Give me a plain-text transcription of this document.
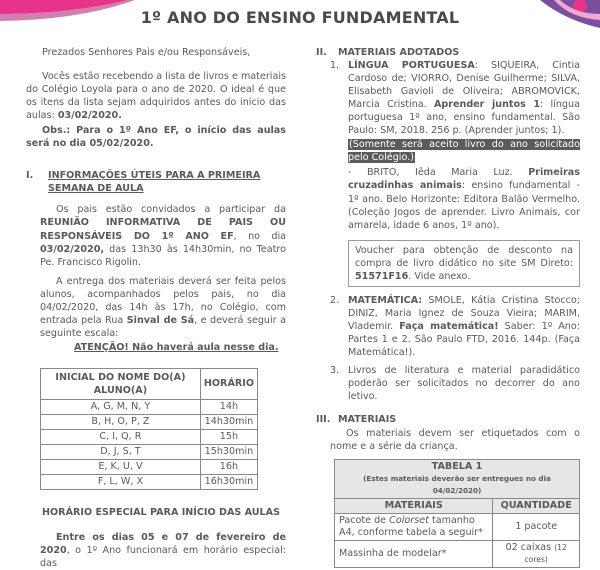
1º ANO DO ENSINO FUNDAMENTAL

Prezados Senhores Pais e/ou Responsáveis,

Vocês estão recebendo a lista de livros e materiais do Colégio Loyola para o ano de 2020. O ideal é que os itens da lista sejam adquiridos antes do início das aulas: 03/02/2020.

Obs.: Para o 1º Ano EF, o início das aulas será no dia 05/02/2020.

I.	INFORMAÇÕES ÚTEIS PARA A PRIMEIRA SEMANA DE AULA

Os pais estão convidados a participar da REUNIÃO INFORMATIVA DE PAIS OU RESPONSÁVEIS DO 1º ANO EF, no dia 03/02/2020, das 13h30 às 14h30min, no Teatro Pe. Francisco Rigolin.

A entrega dos materiais deverá ser feita pelos alunos, acompanhados pelos pais, no dia 04/02/2020, das 14h às 17h, no Colégio, com entrada pela Rua Sinval de Sá, e deverá seguir a seguinte escala:

ATENÇÃO! Não haverá aula nesse dia.

INICIAL DO NOME DO(A) ALUNO(A)	HORÁRIO
A, G, M, N, Y	14h
B, H, O, P, Z	14h30min
C, I, Q, R	15h
D, J, S, T	15h30min
E, K, U, V	16h
F, L, W, X	16h30min

HORÁRIO ESPECIAL PARA INÍCIO DAS AULAS

Entre os dias 05 e 07 de fevereiro de 2020, o 1º Ano funcionará em horário especial: das

II.	MATERIAIS ADOTADOS
1. LÍNGUA PORTUGUESA: SIQUEIRA, Cintia Cardoso de; VIORRO, Denise Guilherme; SILVA, Elisabeth Gavioli de Oliveira; ABROMOVICK, Marcia Cristina. Aprender juntos 1: língua portuguesa 1º ano, ensino fundamental. São Paulo: SM, 2018. 256 p. (Aprender juntos; 1).
(Somente será aceito livro do ano solicitado pelo Colégio.)
- BRITO, Iêda Maria Luz. Primeiras cruzadinhas animais: ensino fundamental - 1º ano. Belo Horizonte: Editora Balão Vermelho. (Coleção Jogos de aprender. Livro Animais, cor amarela, idade 6 anos, 1º ano).
Voucher para obtenção de desconto na compra de livro didático no site SM Direto: 51571F16. Vide anexo.
2. MATEMÁTICA: SMOLE, Kátia Cristina Stocco; DINIZ, Maria Ignez de Souza Vieira; MARIM, Vlademir. Faça matemática! Saber: 1º Ano: Partes 1 e 2. São Paulo FTD, 2016. 144p. (Faça Matemática!).
3. Livros de literatura e material paradidático poderão ser solicitados no decorrer do ano letivo.
III. MATERIAIS

Os materiais devem ser etiquetados com o nome e a série da criança.

TABELA 1
(Estes materiais deverão ser entregues no dia 04/02/2020)	

MATERIAIS	QUANTIDADE
Pacote de Colorset tamanho A4, conforme tabela a seguir*	1 pacote
Massinha de modelar*	02 caixas (12 cores)
